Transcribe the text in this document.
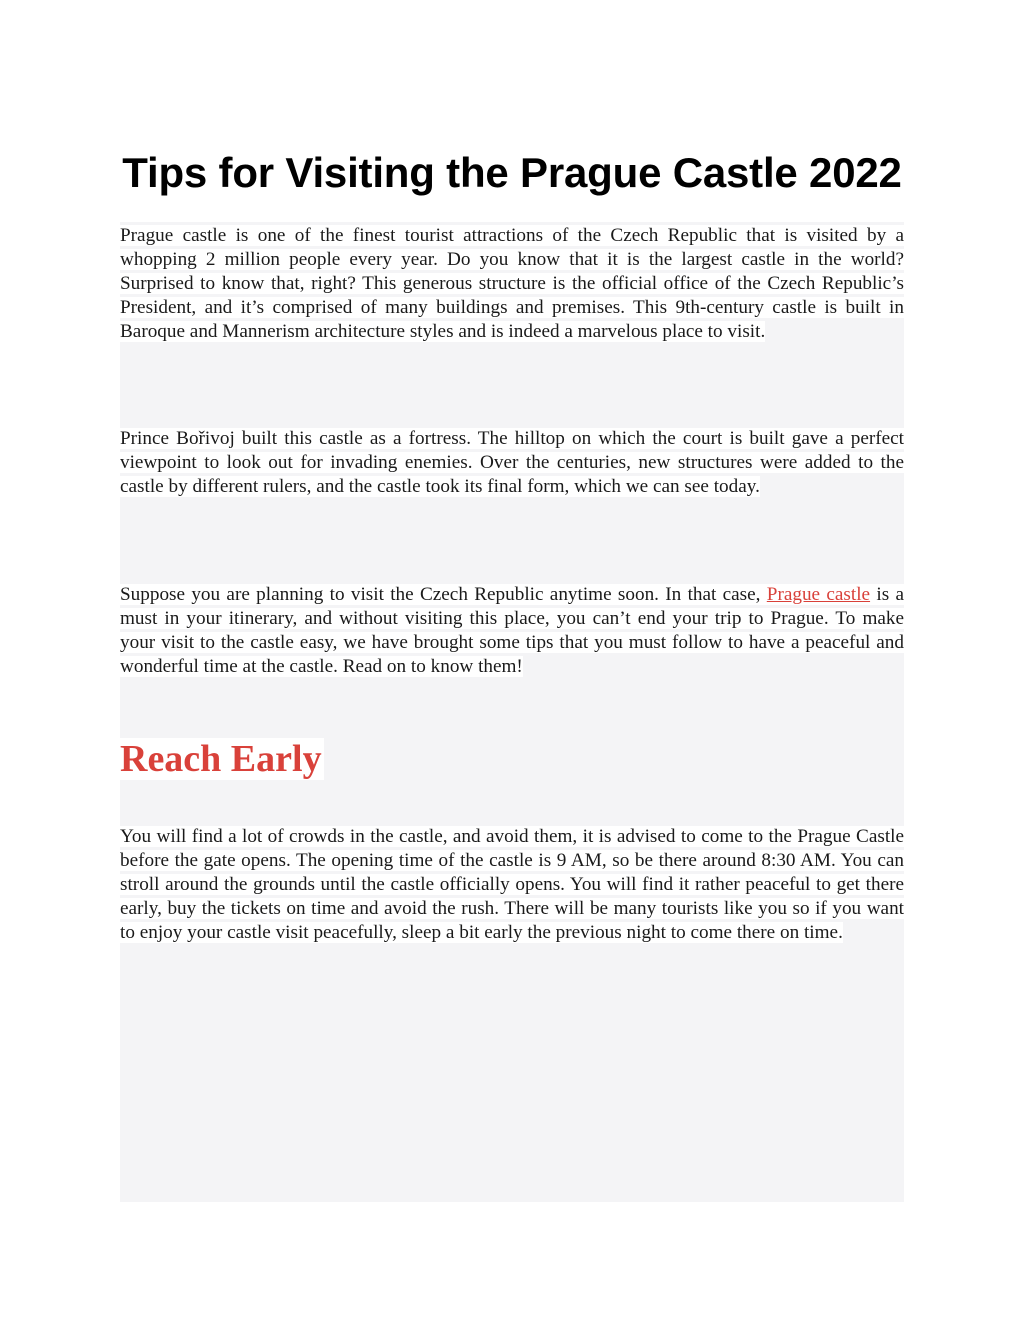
Tips for Visiting the Prague Castle 2022

Prague castle is one of the finest tourist attractions of the Czech Republic that is visited by a whopping 2 million people every year. Do you know that it is the largest castle in the world? Surprised to know that, right? This generous structure is the official office of the Czech Republic’s President, and it’s comprised of many buildings and premises. This 9th-century castle is built in Baroque and Mannerism architecture styles and is indeed a marvelous place to visit.

Prince Bořivoj built this castle as a fortress. The hilltop on which the court is built gave a perfect viewpoint to look out for invading enemies. Over the centuries, new structures were added to the castle by different rulers, and the castle took its final form, which we can see today.

Suppose you are planning to visit the Czech Republic anytime soon. In that case, Prague castle is a must in your itinerary, and without visiting this place, you can’t end your trip to Prague. To make your visit to the castle easy, we have brought some tips that you must follow to have a peaceful and wonderful time at the castle. Read on to know them!

Reach Early

You will find a lot of crowds in the castle, and avoid them, it is advised to come to the Prague Castle before the gate opens. The opening time of the castle is 9 AM, so be there around 8:30 AM. You can stroll around the grounds until the castle officially opens. You will find it rather peaceful to get there early, buy the tickets on time and avoid the rush. There will be many tourists like you so if you want to enjoy your castle visit peacefully, sleep a bit early the previous night to come there on time.
